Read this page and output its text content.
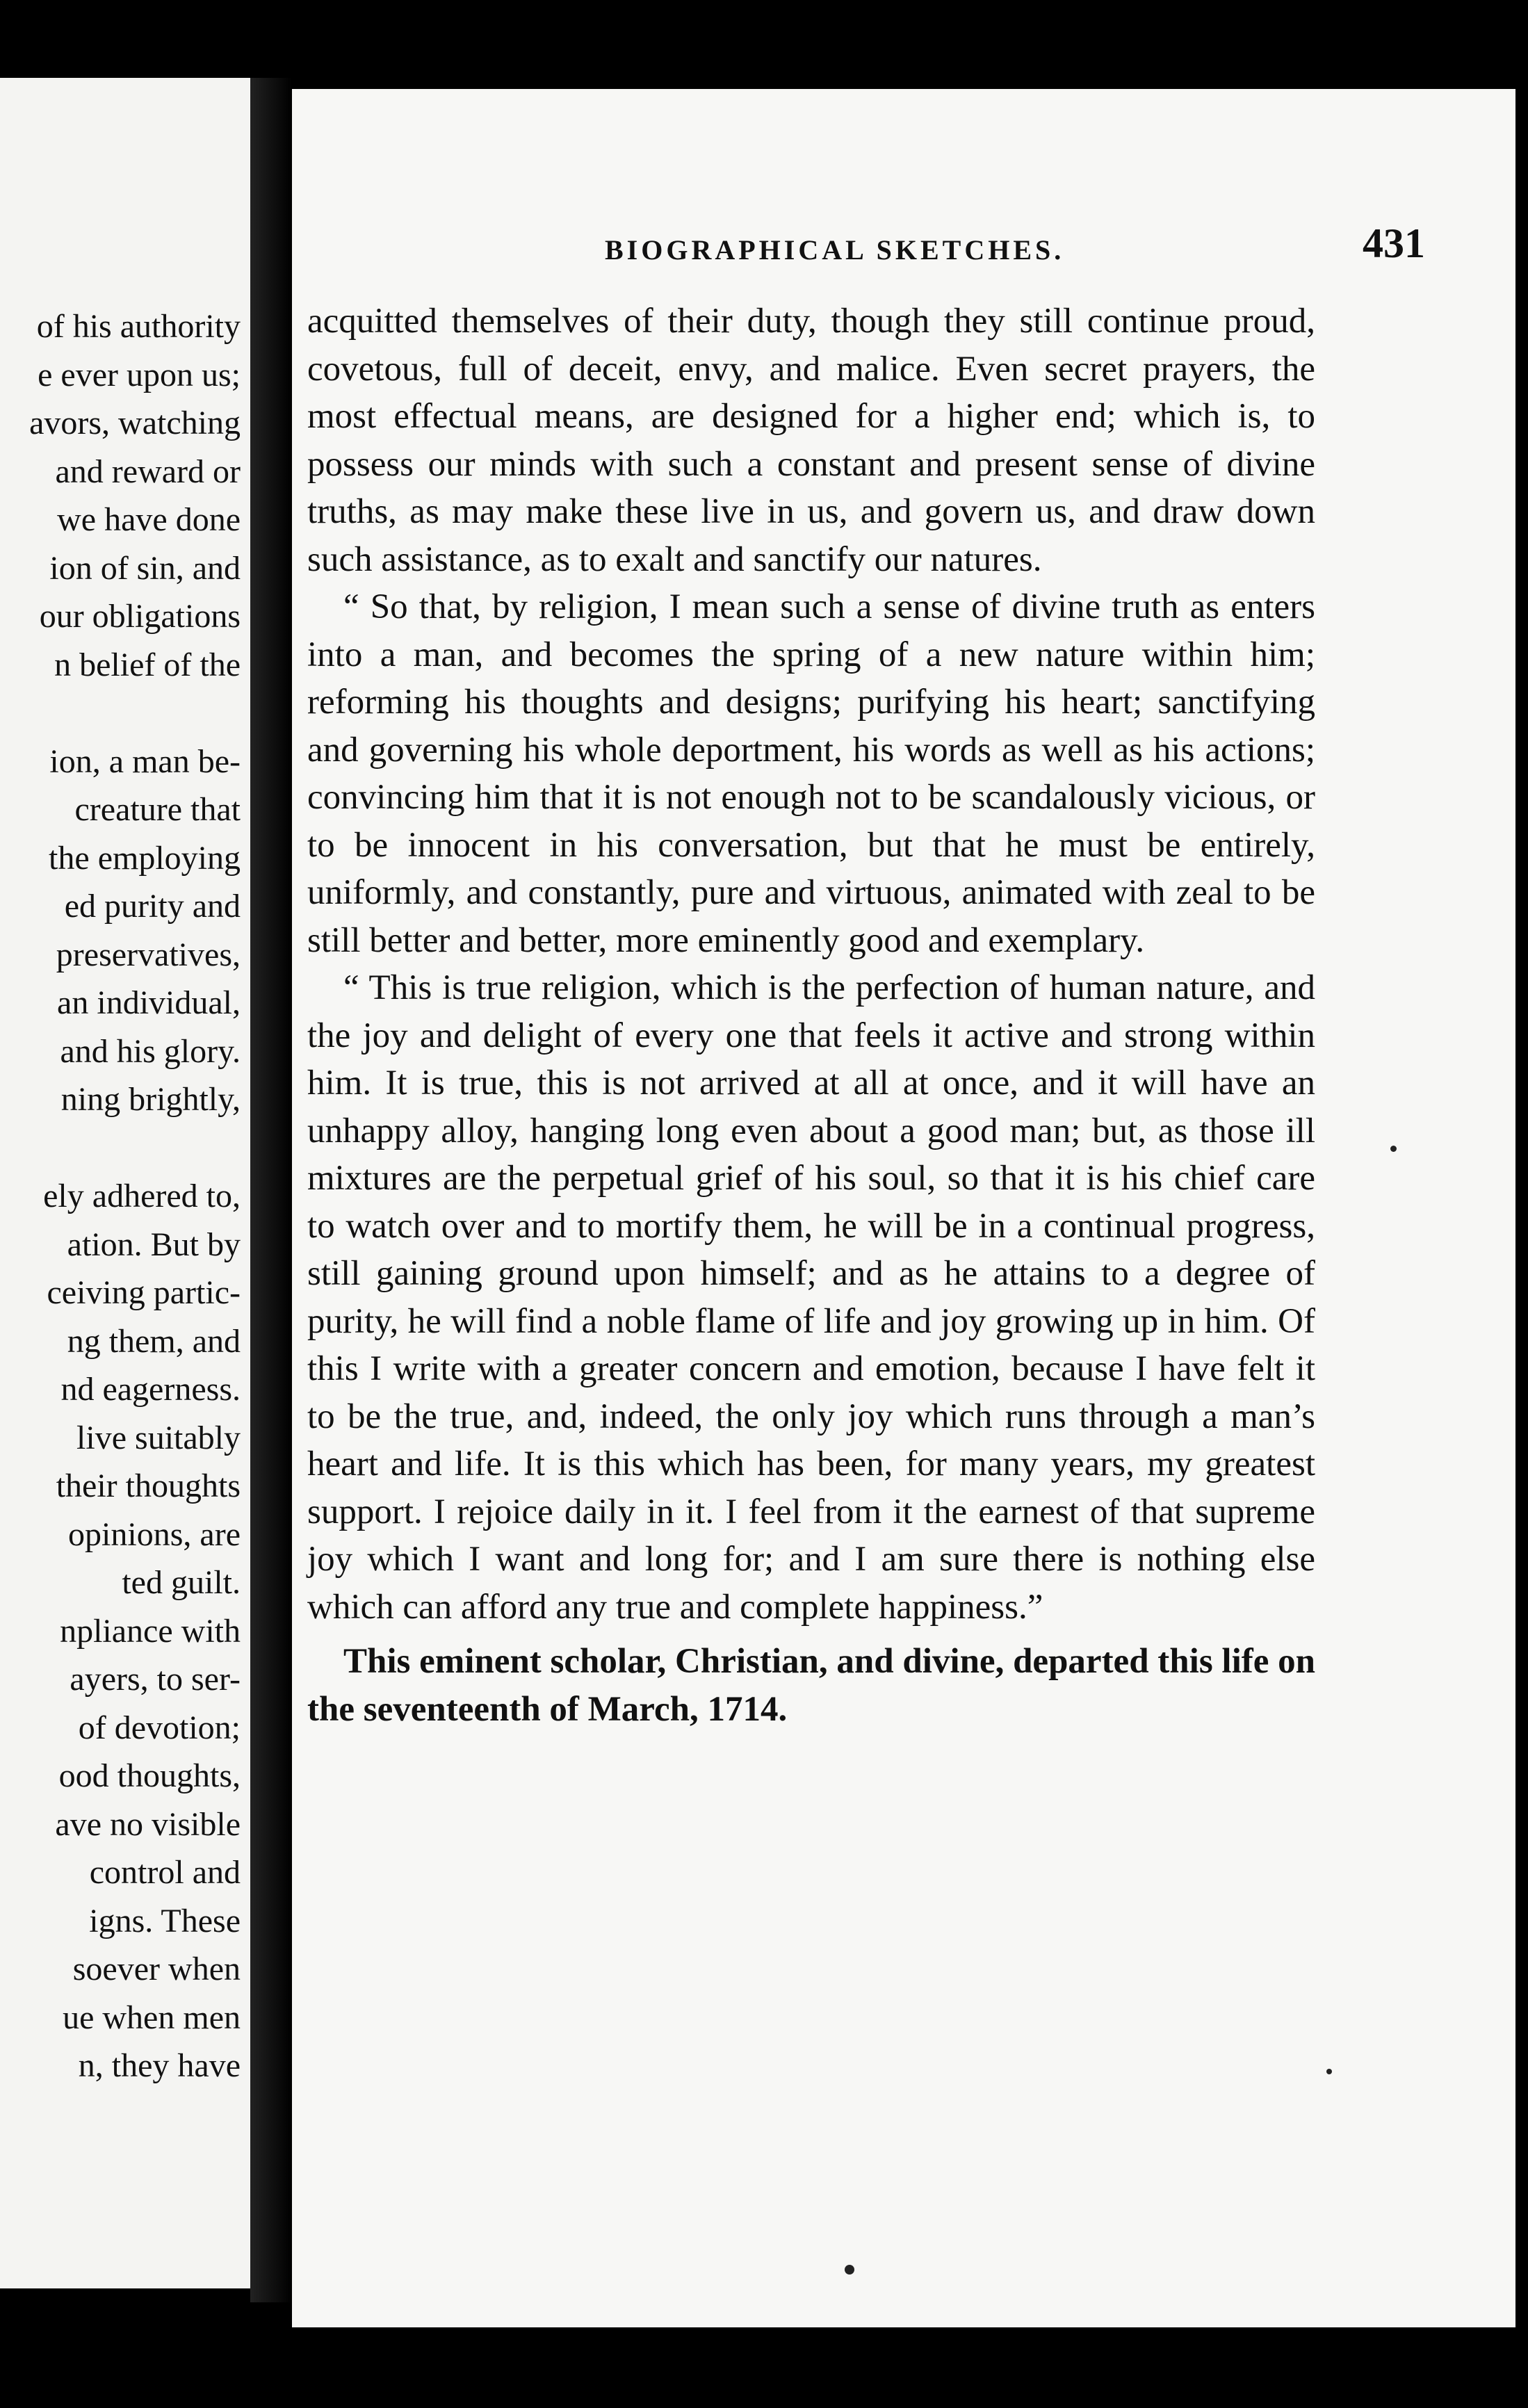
of his authority
e ever upon us;
avors, watching
and reward or
we have done
ion of sin, and
our obligations
n belief of the

ion, a man be-
creature that
the employing
ed purity and
preservatives,
an individual,
and his glory.
ning brightly,

ely adhered to,
ation. But by
ceiving partic-
ng them, and
nd eagerness.
live suitably
their thoughts
opinions, are
ted guilt.
npliance with
ayers, to ser-
of devotion;
ood thoughts,
ave no visible
control and
igns. These
soever when
ue when men
n, they have
BIOGRAPHICAL SKETCHES.	431

acquitted themselves of their duty, though they still continue proud, covetous, full of deceit, envy, and malice. Even secret prayers, the most effectual means, are designed for a higher end; which is, to possess our minds with such a constant and present sense of divine truths, as may make these live in us, and govern us, and draw down such assistance, as to exalt and sanctify our natures.

“ So that, by religion, I mean such a sense of divine truth as enters into a man, and becomes the spring of a new nature within him; reforming his thoughts and designs; purifying his heart; sanctifying and governing his whole deportment, his words as well as his actions; convincing him that it is not enough not to be scandalously vicious, or to be innocent in his conversation, but that he must be entirely, uniformly, and constantly, pure and virtuous, animated with zeal to be still better and better, more eminently good and exemplary.

“ This is true religion, which is the perfection of human nature, and the joy and delight of every one that feels it active and strong within him. It is true, this is not arrived at all at once, and it will have an unhappy alloy, hanging long even about a good man; but, as those ill mixtures are the perpetual grief of his soul, so that it is his chief care to watch over and to mortify them, he will be in a continual progress, still gaining ground upon himself; and as he attains to a degree of purity, he will find a noble flame of life and joy growing up in him. Of this I write with a greater concern and emotion, because I have felt it to be the true, and, indeed, the only joy which runs through a man’s heart and life. It is this which has been, for many years, my greatest support. I rejoice daily in it. I feel from it the earnest of that supreme joy which I want and long for; and I am sure there is nothing else which can afford any true and complete happiness.”

This eminent scholar, Christian, and divine, departed this life on the seventeenth of March, 1714.
